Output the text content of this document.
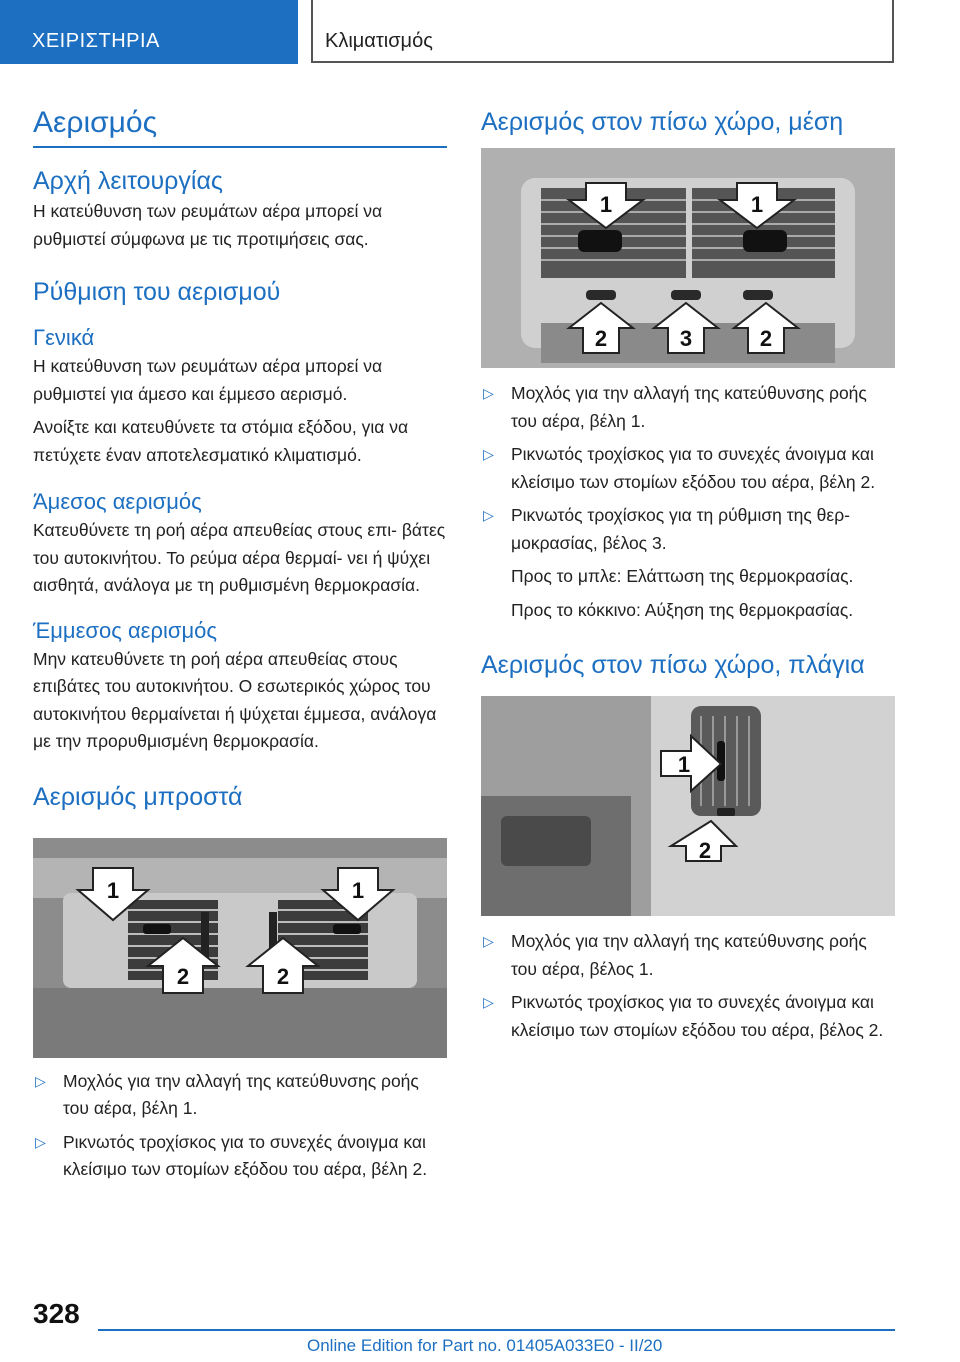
ΧΕΙΡΙΣΤΗΡΙΑ	Κλιματισμός
Αερισμός
Αρχή λειτουργίας

Η κατεύθυνση των ρευμάτων αέρα μπορεί να ρυθμιστεί σύμφωνα με τις προτιμήσεις σας.

Ρύθμιση του αερισμού
Γενικά

Η κατεύθυνση των ρευμάτων αέρα μπορεί να ρυθμιστεί για άμεσο και έμμεσο αερισμό.

Ανοίξτε και κατευθύνετε τα στόμια εξόδου, για να πετύχετε έναν αποτελεσματικό κλιματισμό.

Άμεσος αερισμός

Κατευθύνετε τη ροή αέρα απευθείας στους επι- βάτες του αυτοκινήτου. Το ρεύμα αέρα θερμαί- νει ή ψύχει αισθητά, ανάλογα με τη ρυθμισμένη θερμοκρασία.

Έμμεσος αερισμός

Μην κατευθύνετε τη ροή αέρα απευθείας στους επιβάτες του αυτοκινήτου. Ο εσωτερικός χώρος του αυτοκινήτου θερμαίνεται ή ψύχεται έμμεσα, ανάλογα με την προρυθμισμένη θερμοκρασία.

Αερισμός μπροστά
1	1
2	2
▷ Μοχλός για την αλλαγή της κατεύθυνσης ροής του αέρα, βέλη 1.
▷ Ρικνωτός τροχίσκος για το συνεχές άνοιγμα και κλείσιμο των στομίων εξόδου του αέρα, βέλη 2.
Αερισμός στον πίσω χώρο, μέση
1	1
2	3	2
▷ Μοχλός για την αλλαγή της κατεύθυνσης ροής του αέρα, βέλη 1.
▷ Ρικνωτός τροχίσκος για το συνεχές άνοιγμα και κλείσιμο των στομίων εξόδου του αέρα, βέλη 2.
▷ Ρικνωτός τροχίσκος για τη ρύθμιση της θερ- μοκρασίας, βέλος 3.
Προς το μπλε: Ελάττωση της θερμοκρασίας.
Προς το κόκκινο: Αύξηση της θερμοκρασίας.
Αερισμός στον πίσω χώρο, πλάγια
1
2
▷ Μοχλός για την αλλαγή της κατεύθυνσης ροής του αέρα, βέλος 1.
▷ Ρικνωτός τροχίσκος για το συνεχές άνοιγμα και κλείσιμο των στομίων εξόδου του αέρα, βέλος 2.
328
Online Edition for Part no. 01405A033E0 - II/20
